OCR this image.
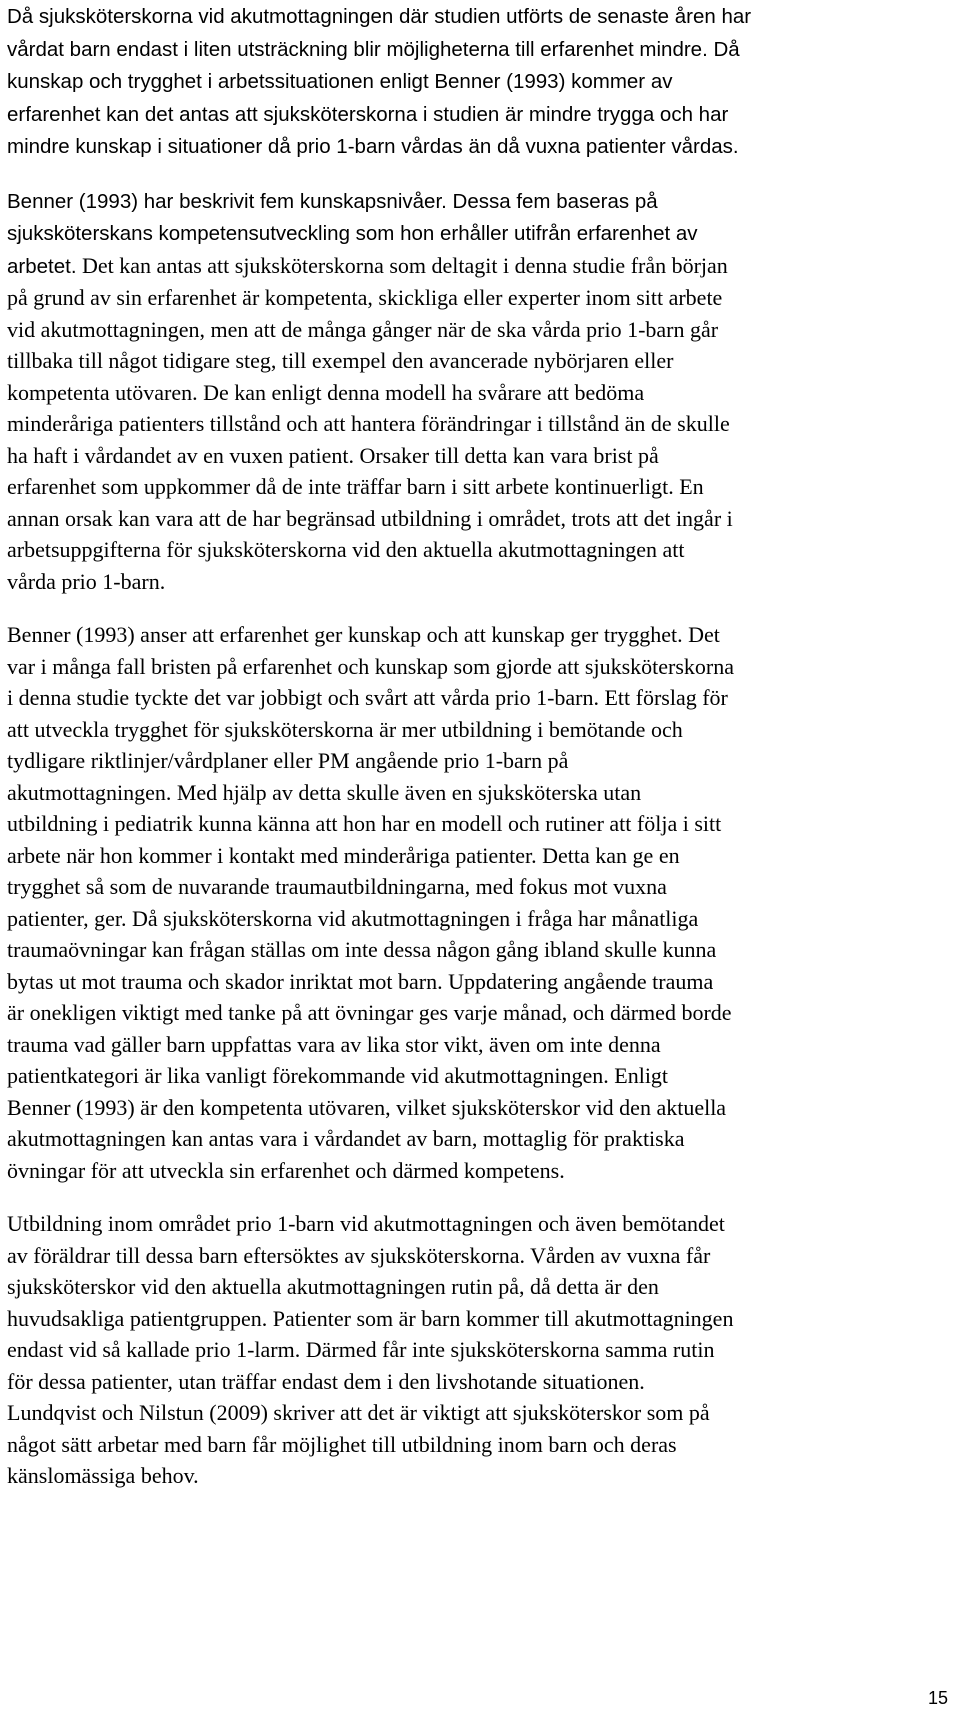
Då sjuksköterskorna vid akutmottagningen där studien utförts de senaste åren har
vårdat barn endast i liten utsträckning blir möjligheterna till erfarenhet mindre. Då
kunskap och trygghet i arbetssituationen enligt Benner (1993) kommer av
erfarenhet kan det antas att sjuksköterskorna i studien är mindre trygga och har
mindre kunskap i situationer då prio 1-barn vårdas än då vuxna patienter vårdas.

Benner (1993) har beskrivit fem kunskapsnivåer. Dessa fem baseras på
sjuksköterskans kompetensutveckling som hon erhåller utifrån erfarenhet av
arbetet. Det kan antas att sjuksköterskorna som deltagit i denna studie från början
på grund av sin erfarenhet är kompetenta, skickliga eller experter inom sitt arbete
vid akutmottagningen, men att de många gånger när de ska vårda prio 1-barn går
tillbaka till något tidigare steg, till exempel den avancerade nybörjaren eller
kompetenta utövaren. De kan enligt denna modell ha svårare att bedöma
minderåriga patienters tillstånd och att hantera förändringar i tillstånd än de skulle
ha haft i vårdandet av en vuxen patient. Orsaker till detta kan vara brist på
erfarenhet som uppkommer då de inte träffar barn i sitt arbete kontinuerligt. En
annan orsak kan vara att de har begränsad utbildning i området, trots att det ingår i
arbetsuppgifterna för sjuksköterskorna vid den aktuella akutmottagningen att
vårda prio 1-barn.

Benner (1993) anser att erfarenhet ger kunskap och att kunskap ger trygghet. Det
var i många fall bristen på erfarenhet och kunskap som gjorde att sjuksköterskorna
i denna studie tyckte det var jobbigt och svårt att vårda prio 1-barn. Ett förslag för
att utveckla trygghet för sjuksköterskorna är mer utbildning i bemötande och
tydligare riktlinjer/vårdplaner eller PM angående prio 1-barn på
akutmottagningen. Med hjälp av detta skulle även en sjuksköterska utan
utbildning i pediatrik kunna känna att hon har en modell och rutiner att följa i sitt
arbete när hon kommer i kontakt med minderåriga patienter. Detta kan ge en
trygghet så som de nuvarande traumautbildningarna, med fokus mot vuxna
patienter, ger. Då sjuksköterskorna vid akutmottagningen i fråga har månatliga
traumaövningar kan frågan ställas om inte dessa någon gång ibland skulle kunna
bytas ut mot trauma och skador inriktat mot barn. Uppdatering angående trauma
är onekligen viktigt med tanke på att övningar ges varje månad, och därmed borde
trauma vad gäller barn uppfattas vara av lika stor vikt, även om inte denna
patientkategori är lika vanligt förekommande vid akutmottagningen. Enligt
Benner (1993) är den kompetenta utövaren, vilket sjuksköterskor vid den aktuella
akutmottagningen kan antas vara i vårdandet av barn, mottaglig för praktiska
övningar för att utveckla sin erfarenhet och därmed kompetens.

Utbildning inom området prio 1-barn vid akutmottagningen och även bemötandet
av föräldrar till dessa barn eftersöktes av sjuksköterskorna. Vården av vuxna får
sjuksköterskor vid den aktuella akutmottagningen rutin på, då detta är den
huvudsakliga patientgruppen. Patienter som är barn kommer till akutmottagningen
endast vid så kallade prio 1-larm. Därmed får inte sjuksköterskorna samma rutin
för dessa patienter, utan träffar endast dem i den livshotande situationen.
Lundqvist och Nilstun (2009) skriver att det är viktigt att sjuksköterskor som på
något sätt arbetar med barn får möjlighet till utbildning inom barn och deras
känslomässiga behov.

15
